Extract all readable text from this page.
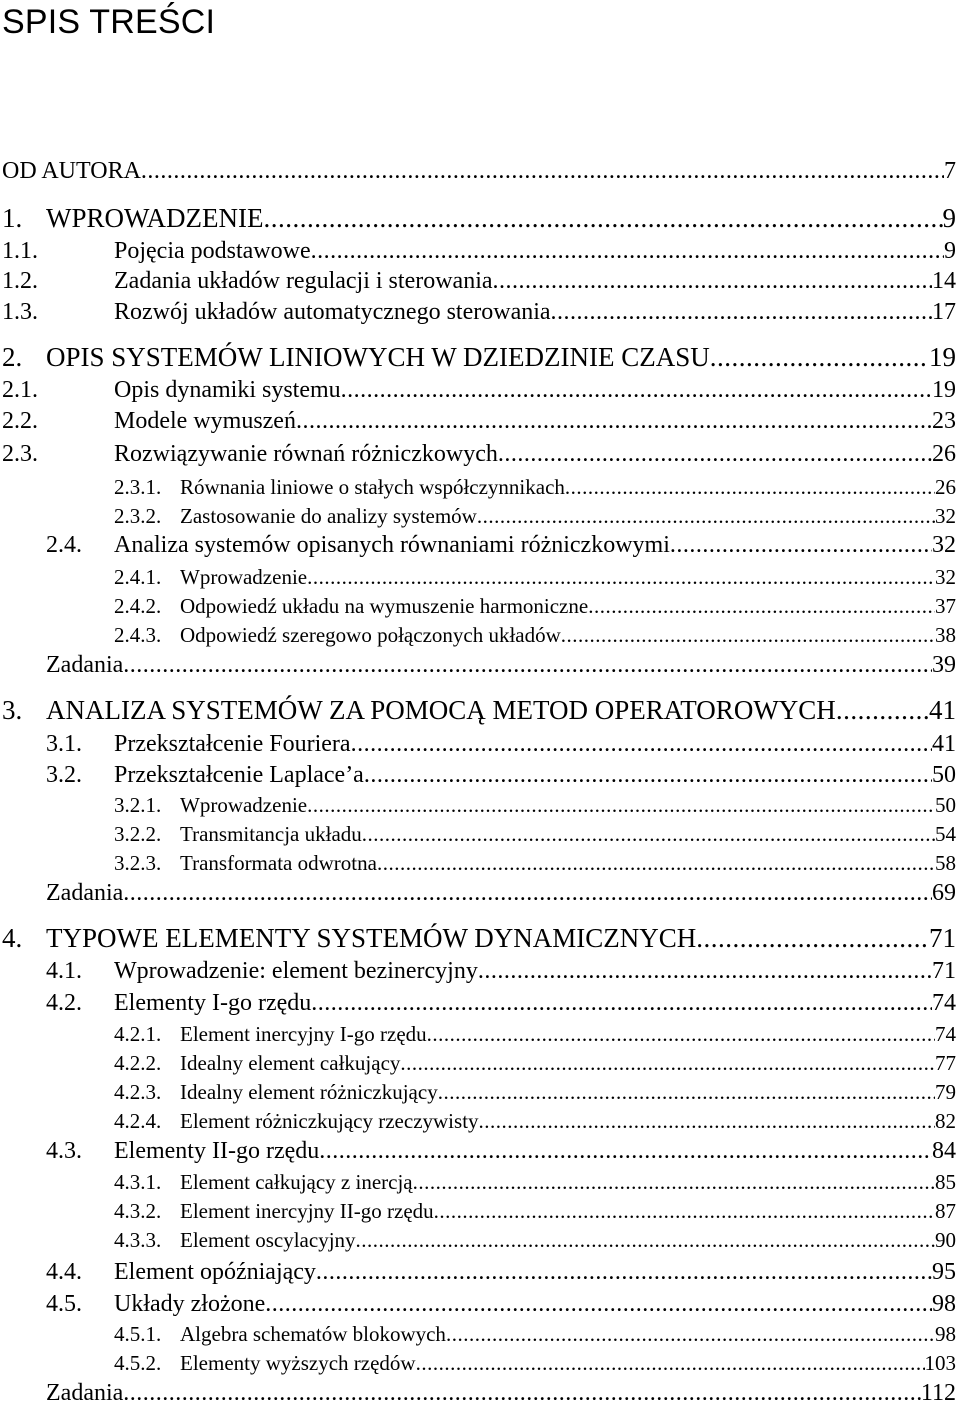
SPIS TREŚCI
OD AUTORA .....	7
1. WPROWADZENIE .....	9
1.1.	Pojęcia podstawowe .....	9
1.2.	Zadania układów regulacji i sterowania .....	14
1.3.	Rozwój układów automatycznego sterowania .....	17
2. OPIS SYSTEMÓW LINIOWYCH W DZIEDZINIE CZASU .....	19
2.1.	Opis dynamiki systemu .....	19
2.2.	Modele wymuszeń .....	23
2.3.	Rozwiązywanie równań różniczkowych .....	26
2.3.1. Równania liniowe o stałych współczynnikach .....	26
2.3.2. Zastosowanie do analizy systemów .....	32
2.4.	Analiza systemów opisanych równaniami różniczkowymi .....	32
2.4.1. Wprowadzenie .....	32
2.4.2. Odpowiedź układu na wymuszenie harmoniczne .....	37
2.4.3. Odpowiedź szeregowo połączonych układów .....	38
Zadania .....	39
3. ANALIZA SYSTEMÓW ZA POMOCĄ METOD OPERATOROWYCH .....	41
3.1.	Przekształcenie Fouriera .....	41
3.2.	Przekształcenie Laplace’a .....	50
3.2.1. Wprowadzenie .....	50
3.2.2. Transmitancja układu .....	54
3.2.3. Transformata odwrotna .....	58
Zadania .....	69
4. TYPOWE ELEMENTY SYSTEMÓW DYNAMICZNYCH .....	71
4.1.	Wprowadzenie: element bezinercyjny .....	71
4.2.	Elementy I-go rzędu .....	74
4.2.1. Element inercyjny I-go rzędu .....	74
4.2.2. Idealny element całkujący .....	77
4.2.3. Idealny element różniczkujący .....	79
4.2.4. Element różniczkujący rzeczywisty .....	82
4.3.	Elementy II-go rzędu .....	84
4.3.1. Element całkujący z inercją .....	85
4.3.2. Element inercyjny II-go rzędu .....	87
4.3.3. Element oscylacyjny .....	90
4.4.	Element opóźniający .....	95
4.5.	Układy złożone .....	98
4.5.1. Algebra schematów blokowych .....	98
4.5.2. Elementy wyższych rzędów .....	103
Zadania .....	112
